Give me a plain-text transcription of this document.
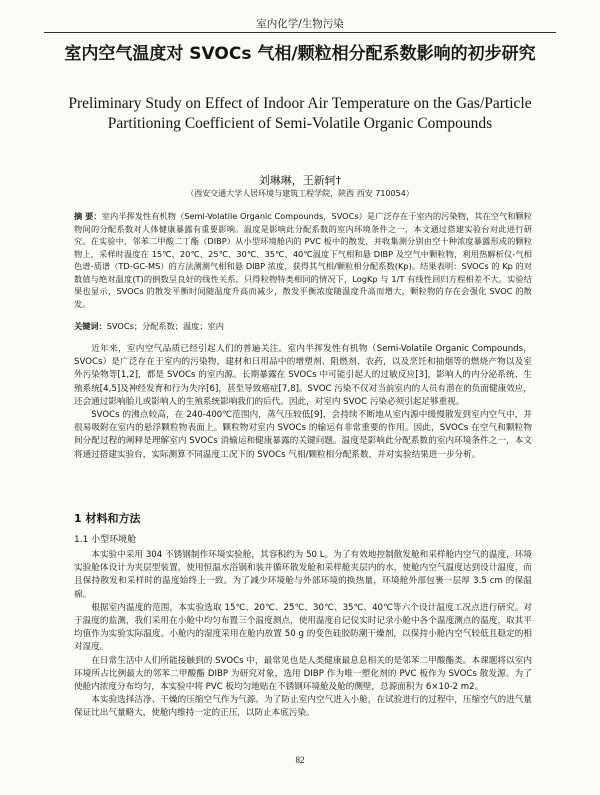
室内化学/生物污染
室内空气温度对 SVOCs 气相/颗粒相分配系数影响的初步研究
Preliminary Study on Effect of Indoor Air Temperature on the Gas/Particle Partitioning Coefficient of Semi-Volatile Organic Compounds
刘琳琳，王新轲†
（西安交通大学人居环境与建筑工程学院，陕西 西安 710054）
摘 要：室内半挥发性有机物（Semi-Volatile Organic Compounds，SVOCs）是广泛存在于室内的污染物，其在空气和颗粒物间的分配系数对人体健康暴露有重要影响。温度是影响此分配系数的室内环境条件之一，本文通过搭建实验台对此进行研究。在实验中，邻苯二甲酸二丁酯（DIBP）从小型环境舱内的 PVC 板中的散发，并收集测分别由空十种浓度暴露形成的颗粒物上，采样时温度在 15℃、20℃、25℃、30℃、35℃、40℃温度下气相和悬 DIBP 及空气中颗粒物，利用热解析仪-气相色谱-质谱（TD-GC-MS）的方法测测气相和悬 DIBP 浓度，获得其气相/颗粒相分配系数(Kp)。结果表明：SVOCs 的 Kp 的对数值与绝对温度(T)的倒数呈良好的线性关系，只得粒物特类相同的情况下，LogKp 与 1/T 有线性回归方程相差不大。实验结果也显示，SVOCs 的散发平衡时间随温度升高而减少，散发平衡浓度随温度升高而增大，颗粒物的存在会强化 SVOC 的散发。
关键词：SVOCs；分配系数；温度；室内

近年来，室内空气品质已经引起人们的普遍关注。室内半挥发性有机物（Semi-Volatile Organic Compounds，SVOCs）是广泛存在于室内的污染物，建材和日用品中的增塑剂、阻燃剂、农药，以及烹饪和抽烟等的燃烧产物以及室外污染物等[1,2]，都是 SVOCs 的室内源。长期暴露在 SVOCs 中可能引起人的过敏反应[3]，影响人的内分泌系统、生殖系统[4,5]及神经发育和行为失序[6]，甚至导致癌症[7,8]。SVOC 污染不仅对当前室内的人员有潜在的负面健康效应，还会通过影响胎儿或影响人的生殖系统影响我们的后代。因此，对室内 SVOC 污染必须引起足够重视。

SVOCs 的沸点较高，在 240-400℃范围内，蒸气压较低[9]，会持续不断地从室内源中缓慢散发到室内空气中，并很易吸附在室内的悬浮颗粒物表面上。颗粒物对室内 SVOCs 的输运有非常重要的作用。因此，SVOCs 在空气和颗粒物间分配过程的阐释是理解室内 SVOCs 消输运和健康暴露的关键问题。温度是影响此分配系数的室内环境条件之一，本文将通过搭建实验台，实际测算不同温度工况下的 SVOCs 气相/颗粒相分配系数，并对实验结果进一步分析。

1 材料和方法
1.1 小型环境舱

本实验中采用 304 不锈钢制作环境实验舱，其容积约为 50 L。为了有效地控制散发舱和采样舱内空气的温度，环境实验舱体设计为夹层型装置，使用恒温水浴锅和装并循环散发舱和采样舱夹层内的水，使舱内空气温度达到设计温度，而且保持散发和采样时的温度始终上一致。为了减少环境舱与外部环境的换热量，环境舱外部包裹一层厚 3.5 cm 的保温棉。

根据室内温度的范围，本实验选取 15℃、20℃、25℃、30℃、35℃、40℃等六个设计温度工况点进行研究。对于温度的监测，我们采用在小舱中均匀布置三个温度测点，使用温度自记仪实时记录小舱中各个温度测点的温度，取其平均值作为实验实际温度。小舱内的湿度采用在舱内放置 50 g 的变色硅胶防潮干燥剂，以保持小舱内空气较低且稳定的相对湿度。

在日常生活中人们所能接触到的 SVOCs 中，最常见也是人类健康最息息相关的是邻苯二甲酸酯类。本课题将以室内环境所占比例最大的邻苯二甲酸酯 DIBP 为研究对象，选用 DIBP 作为唯一塑化剂的 PVC 板作为 SVOCs 散发源。为了使舱内浓度分布均匀，本实验中将 PVC 板均匀地贴在不锈钢环境舱及舱的侧壁，总源面积为 6×10-2 m2。

本实验选择洁净、干燥的压缩空气作为气源。为了防止室内空气进入小舱，在试验进行的过程中，压缩空气的进气量保证比出气量略大，使舱内维持一定的正压，以防止本底污染。

82
